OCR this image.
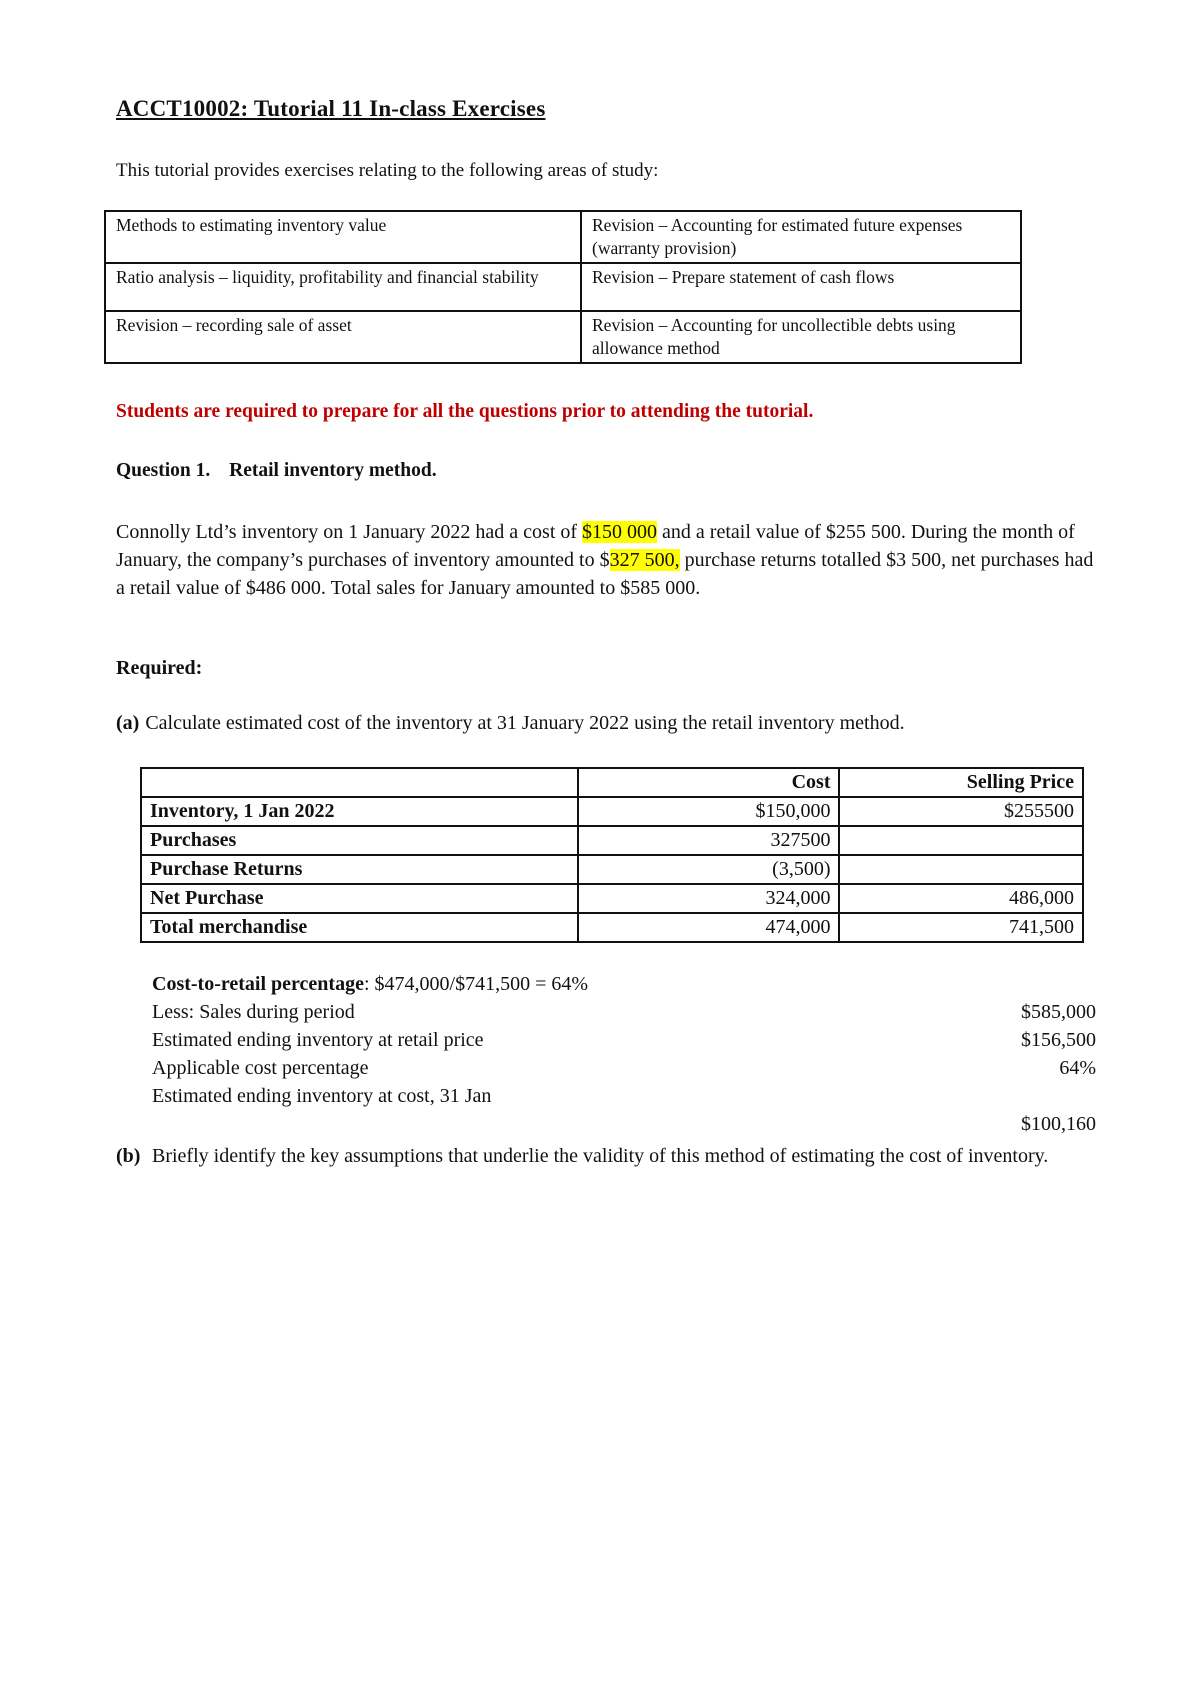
ACCT10002: Tutorial 11 In-class Exercises
This tutorial provides exercises relating to the following areas of study:
Methods to estimating inventory value	Revision – Accounting for estimated future expenses (warranty provision)
Ratio analysis – liquidity, profitability and financial stability	Revision – Prepare statement of cash flows
Revision – recording sale of asset	Revision – Accounting for uncollectible debts using allowance method
Students are required to prepare for all the questions prior to attending the tutorial.
Question 1. Retail inventory method.
Connolly Ltd’s inventory on 1 January 2022 had a cost of $150 000 and a retail value of $255 500. During the month of January, the company’s purchases of inventory amounted to $327 500, purchase returns totalled $3 500, net purchases had a retail value of $486 000. Total sales for January amounted to $585 000.
Required:
(a) Calculate estimated cost of the inventory at 31 January 2022 using the retail inventory method.
	Cost	Selling Price
Inventory, 1 Jan 2022	$150,000	$255500
Purchases	327500	
Purchase Returns	(3,500)	
Net Purchase	324,000	486,000
Total merchandise	474,000	741,500
Cost-to-retail percentage: $474,000/$741,500 = 64%
Less: Sales during period	$585,000
Estimated ending inventory at retail price	$156,500
Applicable cost percentage	64%
Estimated ending inventory at cost, 31 Jan
$100,160
(b) Briefly identify the key assumptions that underlie the validity of this method of estimating the cost of inventory.
